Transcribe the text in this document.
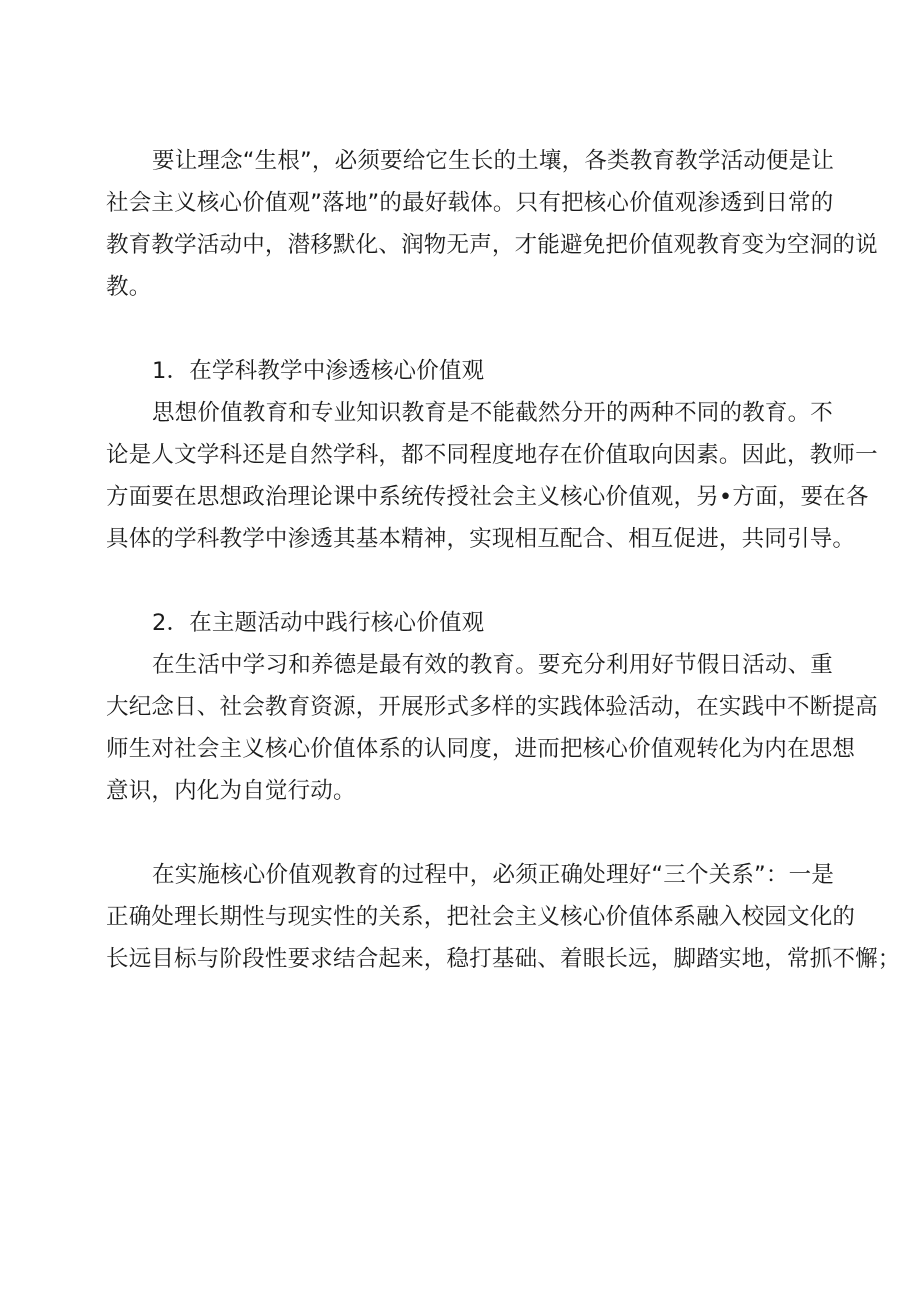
要让理念“生根”，必须要给它生长的土壤，各类教育教学活动便是让
社会主义核心价值观”落地”的最好载体。只有把核心价值观渗透到日常的
教育教学活动中，潜移默化、润物无声，才能避免把价值观教育变为空洞的说
教。
1．在学科教学中渗透核心价值观
思想价值教育和专业知识教育是不能截然分开的两种不同的教育。不
论是人文学科还是自然学科，都不同程度地存在价值取向因素。因此，教师一
方面要在思想政治理论课中系统传授社会主义核心价值观，另•方面，要在各
具体的学科教学中渗透其基本精神，实现相互配合、相互促进，共同引导。
2．在主题活动中践行核心价值观
在生活中学习和养德是最有效的教育。要充分利用好节假日活动、重
大纪念日、社会教育资源，开展形式多样的实践体验活动，在实践中不断提高
师生对社会主义核心价值体系的认同度，进而把核心价值观转化为内在思想
意识，内化为自觉行动。
在实施核心价值观教育的过程中，必须正确处理好“三个关系”：一是
正确处理长期性与现实性的关系，把社会主义核心价值体系融入校园文化的
长远目标与阶段性要求结合起来，稳打基础、着眼长远，脚踏实地，常抓不懈；
